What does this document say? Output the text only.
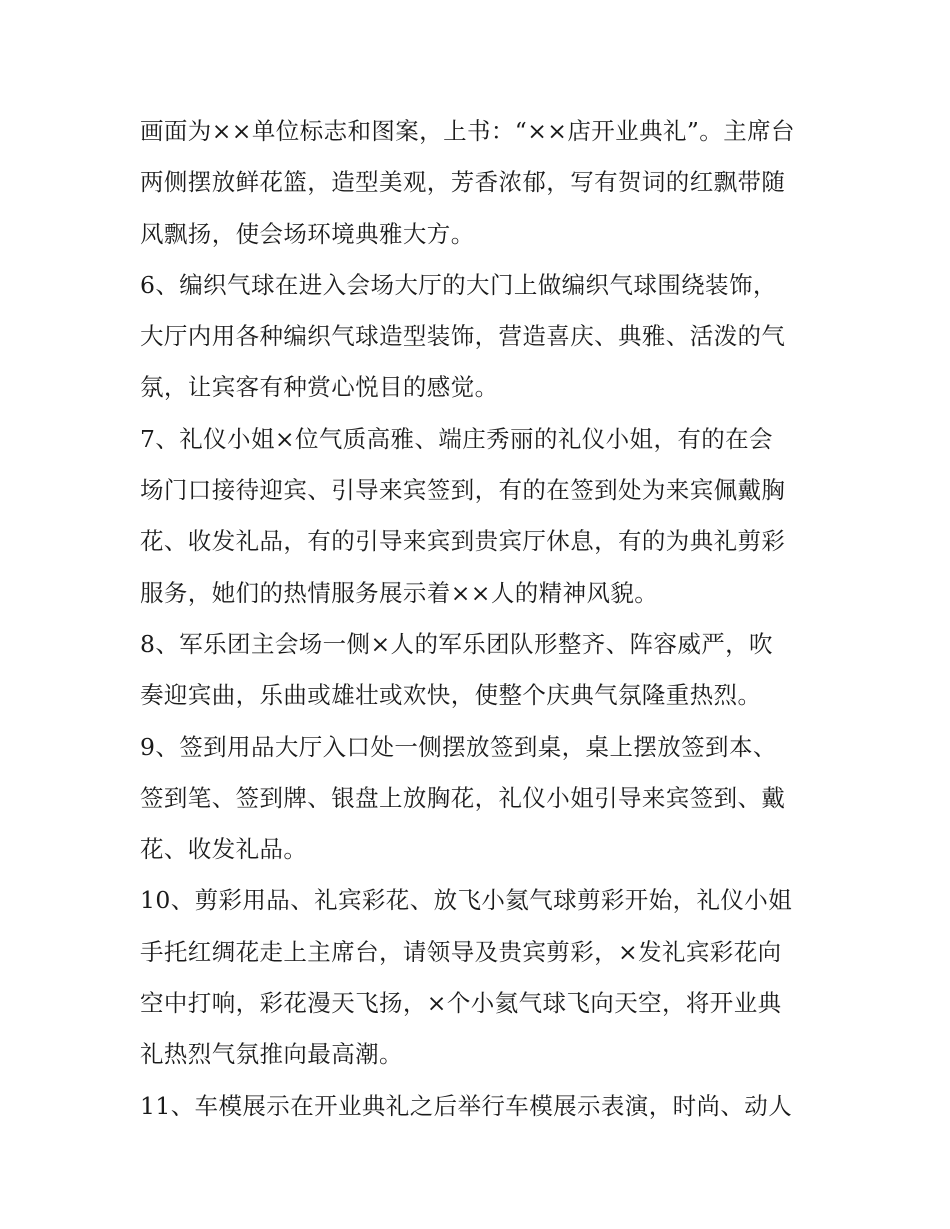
画面为××单位标志和图案，上书：“××店开业典礼”。主席台
两侧摆放鲜花篮，造型美观，芳香浓郁，写有贺词的红飘带随
风飘扬，使会场环境典雅大方。
6、编织气球在进入会场大厅的大门上做编织气球围绕装饰，
大厅内用各种编织气球造型装饰，营造喜庆、典雅、活泼的气
氛，让宾客有种赏心悦目的感觉。
7、礼仪小姐×位气质高雅、端庄秀丽的礼仪小姐，有的在会
场门口接待迎宾、引导来宾签到，有的在签到处为来宾佩戴胸
花、收发礼品，有的引导来宾到贵宾厅休息，有的为典礼剪彩
服务，她们的热情服务展示着××人的精神风貌。
8、军乐团主会场一侧×人的军乐团队形整齐、阵容威严，吹
奏迎宾曲，乐曲或雄壮或欢快，使整个庆典气氛隆重热烈。
9、签到用品大厅入口处一侧摆放签到桌，桌上摆放签到本、
签到笔、签到牌、银盘上放胸花，礼仪小姐引导来宾签到、戴
花、收发礼品。
10、剪彩用品、礼宾彩花、放飞小氦气球剪彩开始，礼仪小姐
手托红绸花走上主席台，请领导及贵宾剪彩，×发礼宾彩花向
空中打响，彩花漫天飞扬，×个小氦气球飞向天空，将开业典
礼热烈气氛推向最高潮。
11、车模展示在开业典礼之后举行车模展示表演，时尚、动人
